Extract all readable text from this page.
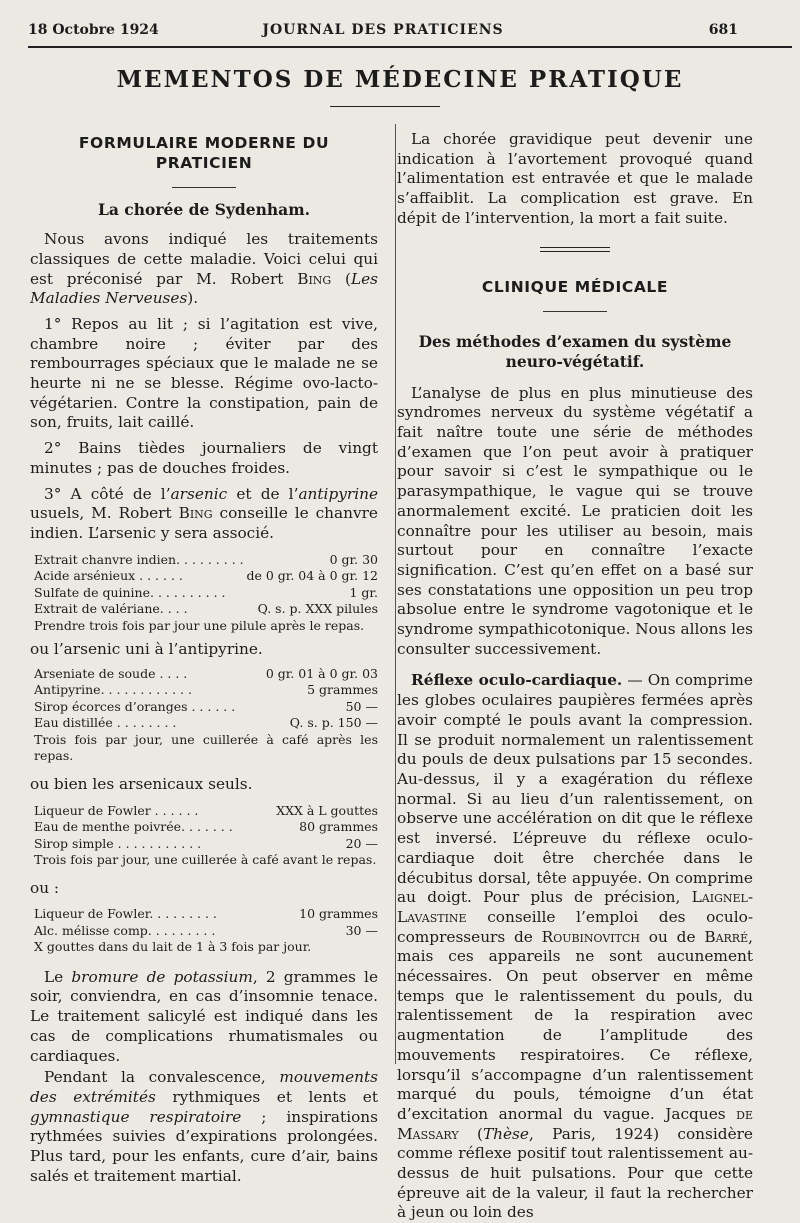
18 Octobre 1924	JOURNAL DES PRATICIENS	681
MEMENTOS DE MÉDECINE PRATIQUE
FORMULAIRE MODERNE DU PRATICIEN
La chorée de Sydenham.

Nous avons indiqué les traitements classiques de cette maladie. Voici celui qui est préconisé par M. Robert Bing (Les Maladies Nerveuses).

1° Repos au lit ; si l’agitation est vive, chambre noire ; éviter par des rembourrages spéciaux que le malade ne se heurte ni ne se blesse. Régime ovo-lacto-végétarien. Contre la constipation, pain de son, fruits, lait caillé.

2° Bains tièdes journaliers de vingt minutes ; pas de douches froides.

3° A côté de l’arsenic et de l’antipyrine usuels, M. Robert Bing conseille le chanvre indien. L’arsenic y sera associé.

Extrait chanvre indien. . . . . . . . .	0 gr. 30
Acide arsénieux . . . . . .	de 0 gr. 04 à 0 gr. 12
Sulfate de quinine. . . . . . . . . .	1 gr.
Extrait de valériane. . . .	Q. s. p. XXX pilules
Prendre trois fois par jour une pilule après le repas.

ou l’arsenic uni à l’antipyrine.

Arseniate de soude . . . .	0 gr. 01 à 0 gr. 03
Antipyrine. . . . . . . . . . . .	5 grammes
Sirop écorces d’oranges . . . . . .	50 —
Eau distillée . . . . . . . .	Q. s. p. 150 —
Trois fois par jour, une cuillerée à café après les repas.

ou bien les arsenicaux seuls.

Liqueur de Fowler . . . . . .	XXX à L gouttes
Eau de menthe poivrée. . . . . . .	80 grammes
Sirop simple . . . . . . . . . . .	20 —
Trois fois par jour, une cuillerée à café avant le repas.

ou :

Liqueur de Fowler. . . . . . . . .	10 grammes
Alc. mélisse comp. . . . . . . . .	30 —
X gouttes dans du lait de 1 à 3 fois par jour.

Le bromure de potassium, 2 grammes le soir, conviendra, en cas d’insomnie tenace. Le traitement salicylé est indiqué dans les cas de complications rhumatismales ou cardiaques.

Pendant la convalescence, mouvements des extrémités rythmiques et lents et gymnastique respiratoire ; inspirations rythmées suivies d’expirations prolongées. Plus tard, pour les enfants, cure d’air, bains salés et traitement martial.

La chorée gravidique peut devenir une indication à l’avortement provoqué quand l’alimentation est entravée et que le malade s’affaiblit. La complication est grave. En dépit de l’intervention, la mort a fait suite.

CLINIQUE MÉDICALE
Des méthodes d’examen du système neuro-végétatif.

L’analyse de plus en plus minutieuse des syndromes nerveux du système végétatif a fait naître toute une série de méthodes d’examen que l’on peut avoir à pratiquer pour savoir si c’est le sympathique ou le parasympathique, le vague qui se trouve anormalement excité. Le praticien doit les connaître pour les utiliser au besoin, mais surtout pour en connaître l’exacte signification. C’est qu’en effet on a basé sur ses constatations une opposition un peu trop absolue entre le syndrome vagotonique et le syndrome sympathicotonique. Nous allons les consulter successivement.

Réflexe oculo-cardiaque. — On comprime les globes oculaires paupières fermées après avoir compté le pouls avant la compression. Il se produit normalement un ralentissement du pouls de deux pulsations par 15 secondes. Au-dessus, il y a exagération du réflexe normal. Si au lieu d’un ralentissement, on observe une accélération on dit que le réflexe est inversé. L’épreuve du réflexe oculo-cardiaque doit être cherchée dans le décubitus dorsal, tête appuyée. On comprime au doigt. Pour plus de précision, Laignel-Lavastine conseille l’emploi des oculo-compresseurs de Roubinovitch ou de Barré, mais ces appareils ne sont aucunement nécessaires. On peut observer en même temps que le ralentissement du pouls, du ralentissement de la respiration avec augmentation de l’amplitude des mouvements respiratoires. Ce réflexe, lorsqu’il s’accompagne d’un ralentissement marqué du pouls, témoigne d’un état d’excitation anormal du vague. Jacques de Massary (Thèse, Paris, 1924) considère comme réflexe positif tout ralentissement au-dessus de huit pulsations. Pour que cette épreuve ait de la valeur, il faut la rechercher à jeun ou loin des
